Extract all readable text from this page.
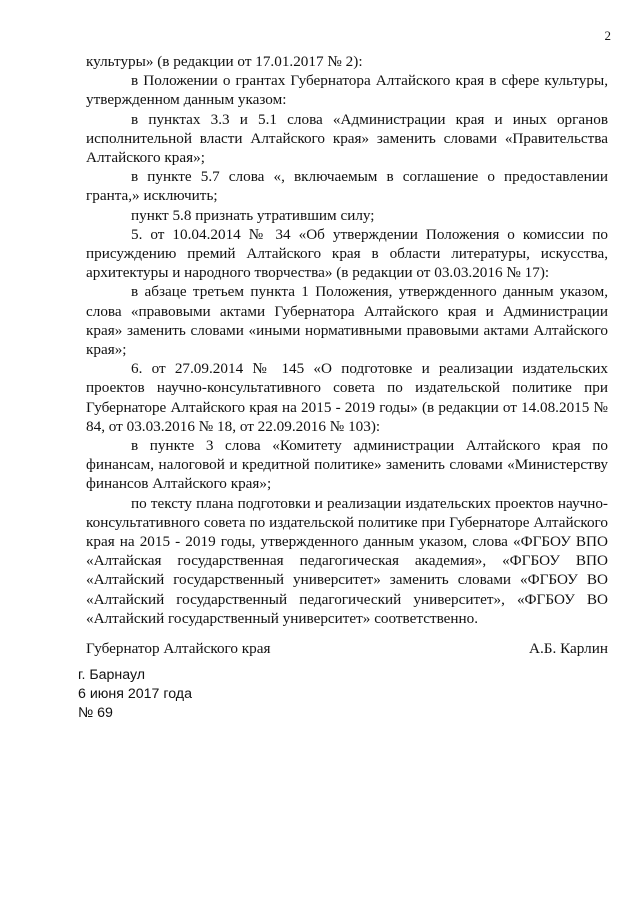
2

культуры» (в редакции от 17.01.2017 № 2):

в Положении о грантах Губернатора Алтайского края в сфере культуры, утвержденном данным указом:

в пунктах 3.3 и 5.1 слова «Администрации края и иных органов исполнительной власти Алтайского края» заменить словами «Правительства Алтайского края»;

в пункте 5.7 слова «, включаемым в соглашение о предоставлении гранта,» исключить;

пункт 5.8 признать утратившим силу;

5. от 10.04.2014 № 34 «Об утверждении Положения о комиссии по присуждению премий Алтайского края в области литературы, искусства, архитектуры и народного творчества» (в редакции от 03.03.2016 № 17):

в абзаце третьем пункта 1 Положения, утвержденного данным указом, слова «правовыми актами Губернатора Алтайского края и Администрации края» заменить словами «иными нормативными правовыми актами Алтайского края»;

6. от 27.09.2014 № 145 «О подготовке и реализации издательских проектов научно-консультативного совета по издательской политике при Губернаторе Алтайского края на 2015 - 2019 годы» (в редакции от 14.08.2015 № 84, от 03.03.2016 № 18, от 22.09.2016 № 103):

в пункте 3 слова «Комитету администрации Алтайского края по финансам, налоговой и кредитной политике» заменить словами «Министерству финансов Алтайского края»;

по тексту плана подготовки и реализации издательских проектов научно-консультативного совета по издательской политике при Губернаторе Алтайского края на 2015 - 2019 годы, утвержденного данным указом, слова «ФГБОУ ВПО «Алтайская государственная педагогическая академия», «ФГБОУ ВПО «Алтайский государственный университет» заменить словами «ФГБОУ ВО «Алтайский государственный педагогический университет», «ФГБОУ ВО «Алтайский государственный университет» соответственно.

Губернатор Алтайского края	А.Б. Карлин
г. Барнаул
6 июня 2017 года
№ 69
